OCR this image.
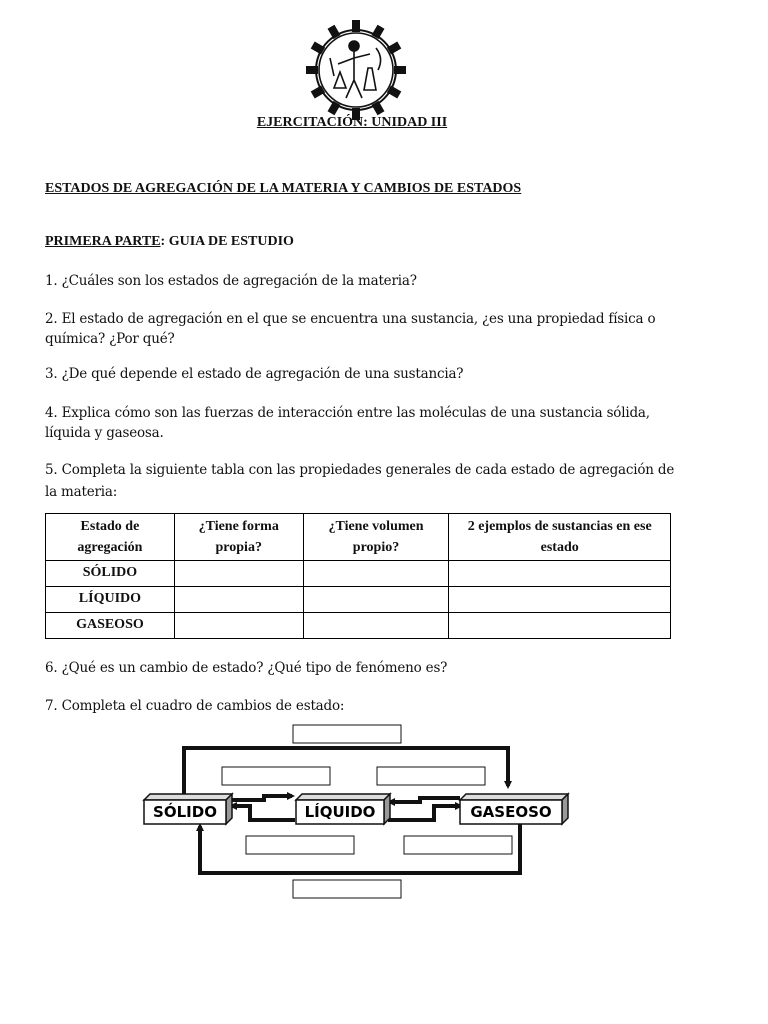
EJERCITACIÓN: UNIDAD III
ESTADOS DE AGREGACIÓN DE LA MATERIA Y CAMBIOS DE ESTADOS
PRIMERA PARTE: GUIA DE ESTUDIO
1. ¿Cuáles son los estados de agregación de la materia?
2. El estado de agregación en el que se encuentra una sustancia, ¿es una propiedad física o
química? ¿Por qué?
3. ¿De qué depende el estado de agregación de una sustancia?
4. Explica cómo son las fuerzas de interacción entre las moléculas de una sustancia sólida,
líquida y gaseosa.
5. Completa la siguiente tabla con las propiedades generales de cada estado de agregación de
la materia:
Estado de agregación	¿Tiene forma propia?	¿Tiene volumen propio?	2 ejemplos de sustancias en ese estado
SÓLIDO			
LÍQUIDO			
GASEOSO			
6. ¿Qué es un cambio de estado? ¿Qué tipo de fenómeno es?
7. Completa el cuadro de cambios de estado:
SÓLIDO	LÍQUIDO	GASEOSO
